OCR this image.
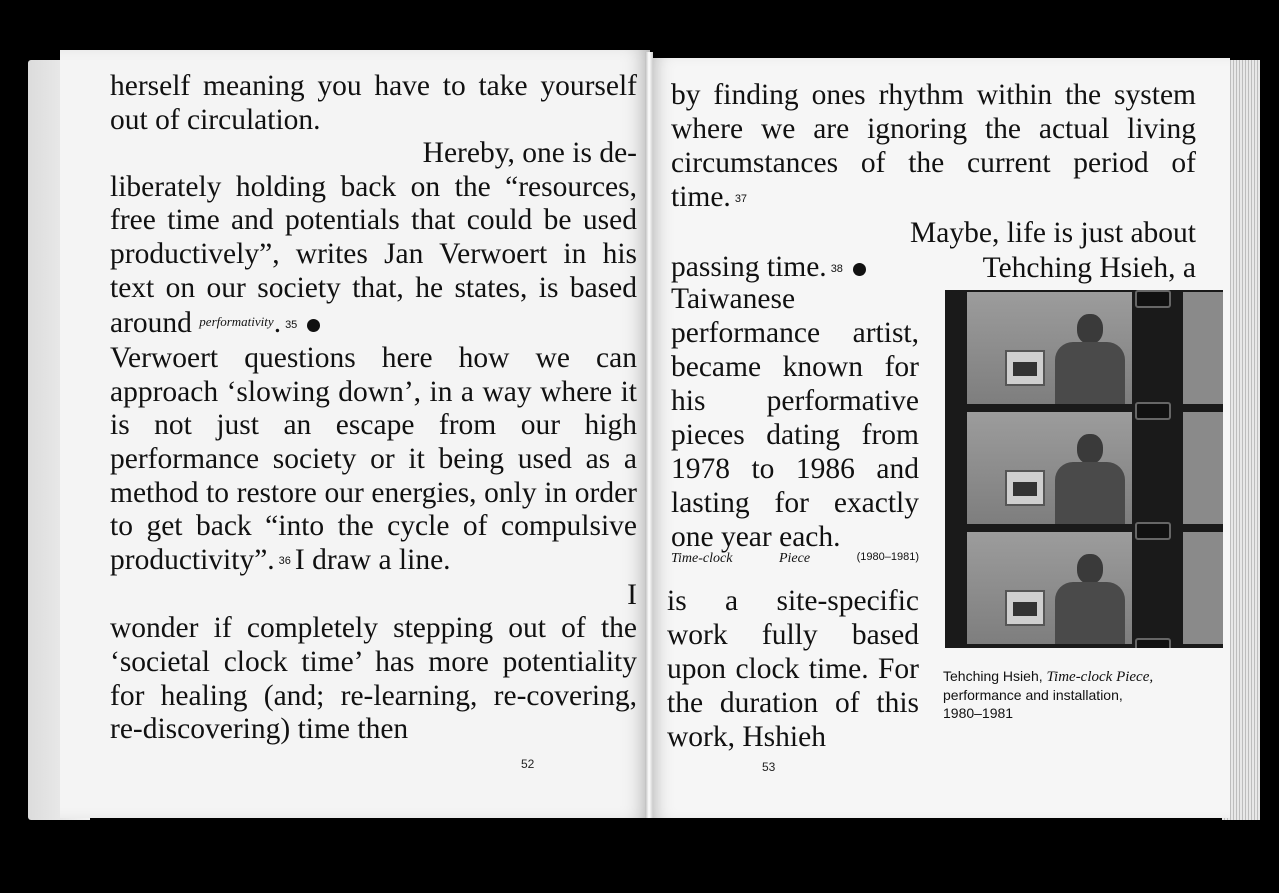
herself meaning you have to take yourself out of circulation.

Hereby, one is de-

liberately holding back on the “resources, free time and potentials that could be used productively”, writes Jan Verwoert in his text on our society that, he states, is based around $^{performativity}$. 35

Verwoert questions here how we can approach ‘slowing down’, in a way where it is not just an escape from our high performance society or it being used as a method to restore our energies, only in order to get back “into the cycle of compulsive productivity”. 36 I draw a line.

I

wonder if completely stepping out of the ‘societal clock time’ has more potentiality for healing (and; re-learning, re-covering, re-discovering) time then

52
by finding ones rhythm within the system where we are ignoring the actual living circumstances of the current period of time. 37
Maybe, life is just about
passing time. 38	Tehching Hsieh, a
Taiwanese performance artist, became known for his performative pieces dating from 1978 to 1986 and lasting for exactly one year each.
Time-clock	Piece	(1980–1981)
is a site-specific work fully based upon clock time. For the duration of this work, Hshieh
Tehching Hsieh, Time-clock Piece,
performance and installation,
1980–1981
53
